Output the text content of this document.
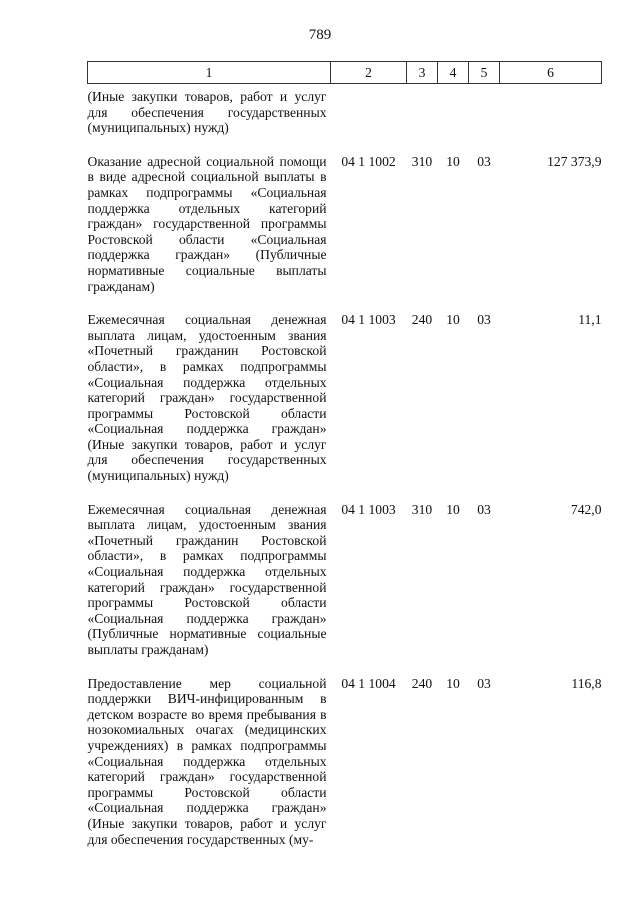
789
1	2	3	4	5	6
(Иные закупки товаров, работ и услуг для обеспечения государственных (муниципальных) нужд)					
Оказание адресной социальной помощи в виде адресной социальной выплаты в рамках подпрограммы «Социальная поддержка отдельных категорий граждан» государственной программы Ростовской области «Социальная поддержка граждан» (Публичные нормативные социальные выплаты гражданам)	04 1 1002	310	10	03	127 373,9
Ежемесячная социальная денежная выплата лицам, удостоенным звания «Почетный гражданин Ростовской области», в рамках подпрограммы «Социальная поддержка отдельных категорий граждан» государственной программы Ростовской области «Социальная поддержка граждан» (Иные закупки товаров, работ и услуг для обеспечения государственных (муниципальных) нужд)	04 1 1003	240	10	03	11,1
Ежемесячная социальная денежная выплата лицам, удостоенным звания «Почетный гражданин Ростовской области», в рамках подпрограммы «Социальная поддержка отдельных категорий граждан» государственной программы Ростовской области «Социальная поддержка граждан» (Публичные нормативные социальные выплаты гражданам)	04 1 1003	310	10	03	742,0
Предоставление мер социальной поддержки ВИЧ-инфицированным в детском возрасте во время пребывания в нозокомиальных очагах (медицинских учреждениях) в рамках подпрограммы «Социальная поддержка отдельных категорий граждан» государственной программы Ростовской области «Социальная поддержка граждан» (Иные закупки товаров, работ и услуг для обеспечения государственных (му-	04 1 1004	240	10	03	116,8
